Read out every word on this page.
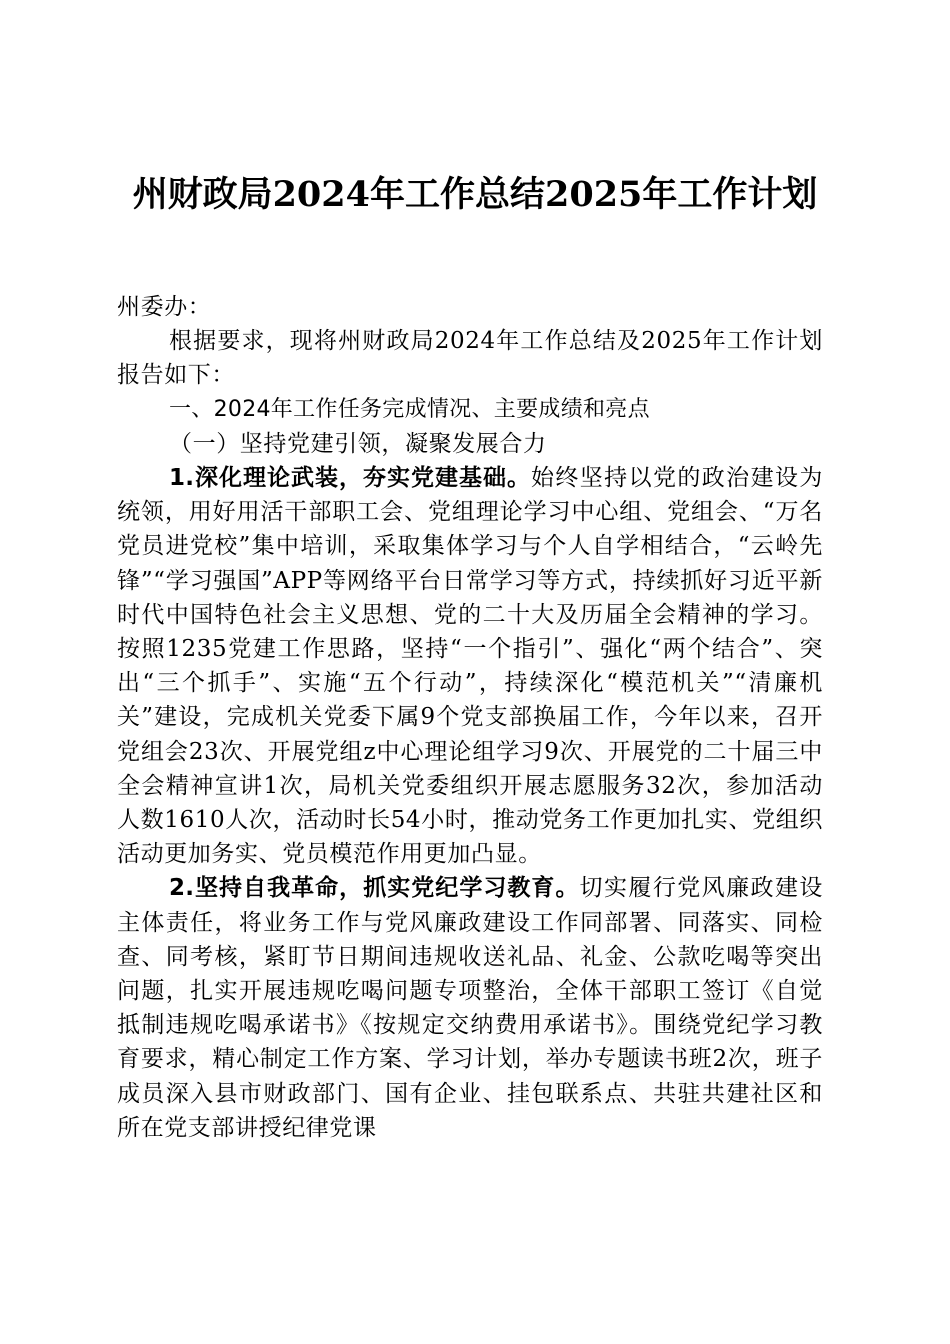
州财政局2024年工作总结2025年工作计划

州委办：

根据要求，现将州财政局2024年工作总结及2025年工作计划报告如下：

一、2024年工作任务完成情况、主要成绩和亮点

（一）坚持党建引领，凝聚发展合力

1.深化理论武装，夯实党建基础。始终坚持以党的政治建设为统领，用好用活干部职工会、党组理论学习中心组、党组会、“万名党员进党校”集中培训，采取集体学习与个人自学相结合，“云岭先锋”“学习强国”APP等网络平台日常学习等方式，持续抓好习近平新时代中国特色社会主义思想、党的二十大及历届全会精神的学习。按照1235党建工作思路，坚持“一个指引”、强化“两个结合”、突出“三个抓手”、实施“五个行动”，持续深化“模范机关”“清廉机关”建设，完成机关党委下属9个党支部换届工作，今年以来，召开党组会23次、开展党组z中心理论组学习9次、开展党的二十届三中全会精神宣讲1次，局机关党委组织开展志愿服务32次，参加活动人数1610人次，活动时长54小时，推动党务工作更加扎实、党组织活动更加务实、党员模范作用更加凸显。

2.坚持自我革命，抓实党纪学习教育。切实履行党风廉政建设主体责任，将业务工作与党风廉政建设工作同部署、同落实、同检查、同考核，紧盯节日期间违规收送礼品、礼金、公款吃喝等突出问题，扎实开展违规吃喝问题专项整治，全体干部职工签订《自觉抵制违规吃喝承诺书》《按规定交纳费用承诺书》。围绕党纪学习教育要求，精心制定工作方案、学习计划，举办专题读书班2次，班子成员深入县市财政部门、国有企业、挂包联系点、共驻共建社区和所在党支部讲授纪律党课
